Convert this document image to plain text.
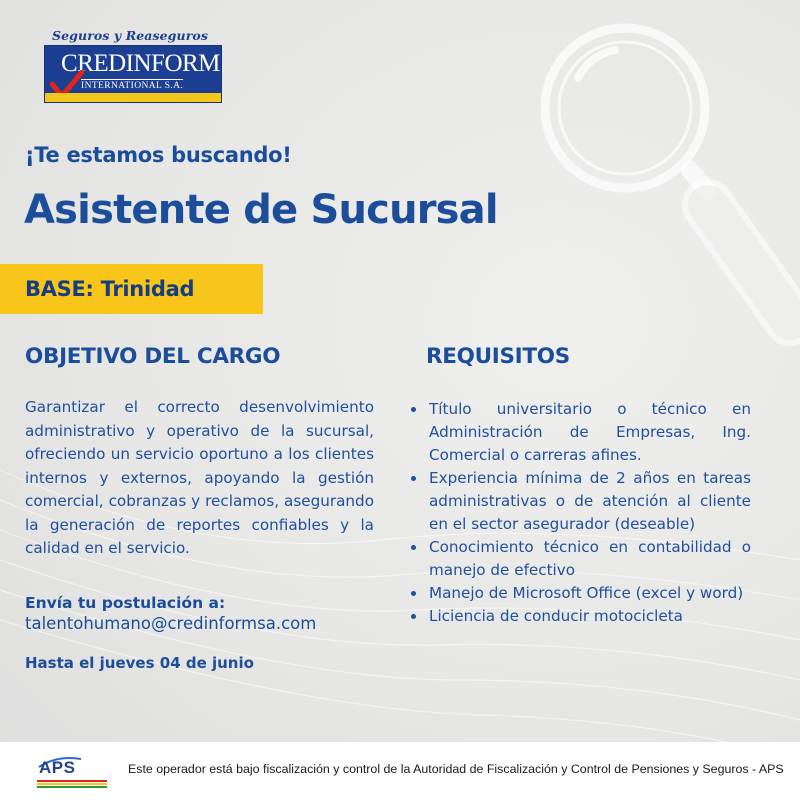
Seguros y Reaseguros
CREDINFORM
INTERNATIONAL S.A.
¡Te estamos buscando!
Asistente de Sucursal
BASE: Trinidad
OBJETIVO DEL CARGO	REQUISITOS
Garantizar el correcto desenvolvimiento administrativo y operativo de la sucursal, ofreciendo un servicio oportuno a los clientes internos y externos, apoyando la gestión comercial, cobranzas y reclamos, asegurando la generación de reportes confiables y la calidad en el servicio.
Título universitario o técnico en Administración de Empresas, Ing. Comercial o carreras afines.
Experiencia mínima de 2 años en tareas administrativas o de atención al cliente en el sector asegurador (deseable)
Conocimiento técnico en contabilidad o manejo de efectivo
Manejo de Microsoft Office (excel y word)
Liciencia de conducir motocicleta
Envía tu postulación a:
talentohumano@credinformsa.com
Hasta el jueves 04 de junio
APS	Este operador está bajo fiscalización y control de la Autoridad de Fiscalización y Control de Pensiones y Seguros - APS
